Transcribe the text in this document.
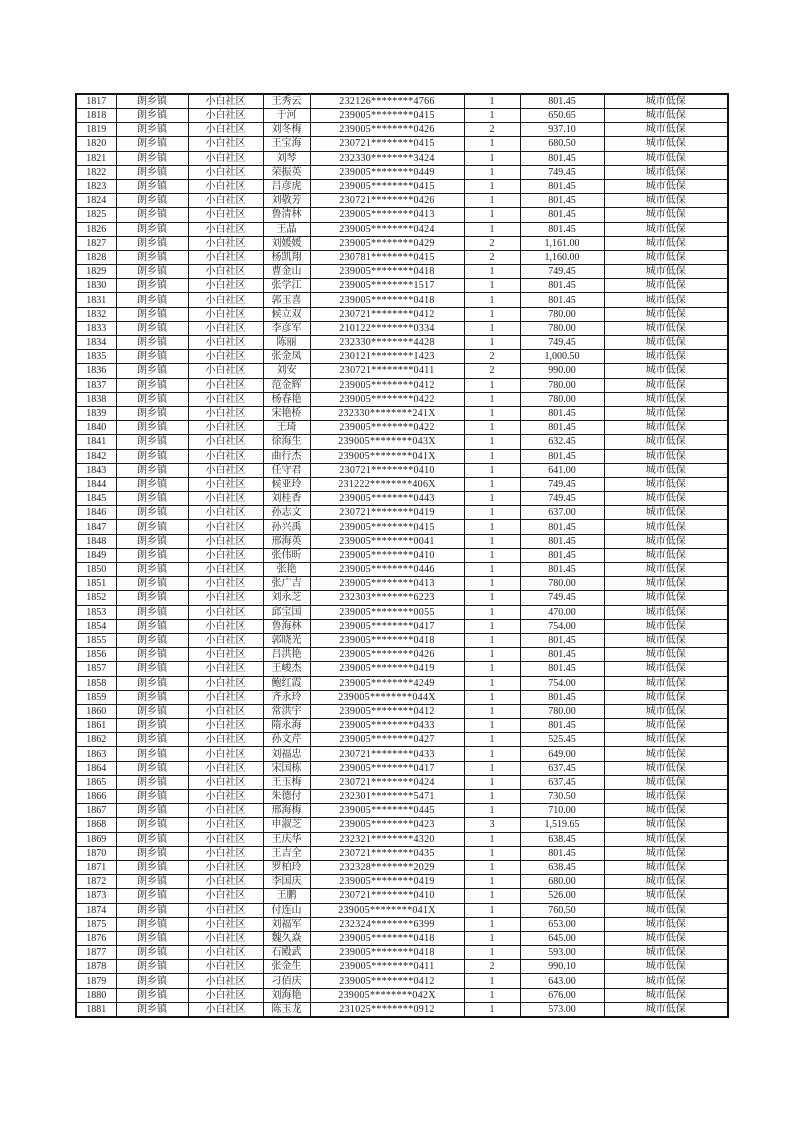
1817	朗乡镇	小白社区	王秀云	232126********4766	1	801.45	城市低保
1818	朗乡镇	小白社区	于河	239005********0415	1	650.65	城市低保
1819	朗乡镇	小白社区	刘冬梅	239005********0426	2	937.10	城市低保
1820	朗乡镇	小白社区	王宝海	230721********0415	1	680.50	城市低保
1821	朗乡镇	小白社区	刘琴	232330********3424	1	801.45	城市低保
1822	朗乡镇	小白社区	荣振英	239005********0449	1	749.45	城市低保
1823	朗乡镇	小白社区	吕彦虎	239005********0415	1	801.45	城市低保
1824	朗乡镇	小白社区	刘敬芳	230721********0426	1	801.45	城市低保
1825	朗乡镇	小白社区	鲁清林	239005********0413	1	801.45	城市低保
1826	朗乡镇	小白社区	王晶	239005********0424	1	801.45	城市低保
1827	朗乡镇	小白社区	刘媛媛	239005********0429	2	1,161.00	城市低保
1828	朗乡镇	小白社区	杨凯翔	230781********0415	2	1,160.00	城市低保
1829	朗乡镇	小白社区	曹金山	239005********0418	1	749.45	城市低保
1830	朗乡镇	小白社区	张学江	239005********1517	1	801.45	城市低保
1831	朗乡镇	小白社区	郭玉喜	239005********0418	1	801.45	城市低保
1832	朗乡镇	小白社区	候立双	230721********0412	1	780.00	城市低保
1833	朗乡镇	小白社区	李彦军	210122********0334	1	780.00	城市低保
1834	朗乡镇	小白社区	陈丽	232330********4428	1	749.45	城市低保
1835	朗乡镇	小白社区	张金凤	230121********1423	2	1,000.50	城市低保
1836	朗乡镇	小白社区	刘安	230721********0411	2	990.00	城市低保
1837	朗乡镇	小白社区	范金辉	239005********0412	1	780.00	城市低保
1838	朗乡镇	小白社区	杨春艳	239005********0422	1	780.00	城市低保
1839	朗乡镇	小白社区	宋艳桥	232330********241X	1	801.45	城市低保
1840	朗乡镇	小白社区	王琦	239005********0422	1	801.45	城市低保
1841	朗乡镇	小白社区	徐海生	239005********043X	1	632.45	城市低保
1842	朗乡镇	小白社区	曲行杰	239005********041X	1	801.45	城市低保
1843	朗乡镇	小白社区	任守君	230721********0410	1	641.00	城市低保
1844	朗乡镇	小白社区	候亚玲	231222********406X	1	749.45	城市低保
1845	朗乡镇	小白社区	刘桂香	239005********0443	1	749.45	城市低保
1846	朗乡镇	小白社区	孙志文	230721********0419	1	637.00	城市低保
1847	朗乡镇	小白社区	孙兴禹	239005********0415	1	801.45	城市低保
1848	朗乡镇	小白社区	邢海英	239005********0041	1	801.45	城市低保
1849	朗乡镇	小白社区	张伟昕	239005********0410	1	801.45	城市低保
1850	朗乡镇	小白社区	张艳	239005********0446	1	801.45	城市低保
1851	朗乡镇	小白社区	张广吉	239005********0413	1	780.00	城市低保
1852	朗乡镇	小白社区	刘永芝	232303********6223	1	749.45	城市低保
1853	朗乡镇	小白社区	邱宝国	239005********0055	1	470.00	城市低保
1854	朗乡镇	小白社区	鲁海林	239005********0417	1	754.00	城市低保
1855	朗乡镇	小白社区	郭晓光	239005********0418	1	801.45	城市低保
1856	朗乡镇	小白社区	吕洪艳	239005********0426	1	801.45	城市低保
1857	朗乡镇	小白社区	王峻杰	239005********0419	1	801.45	城市低保
1858	朗乡镇	小白社区	鲍红霞	239005********4249	1	754.00	城市低保
1859	朗乡镇	小白社区	齐永玲	239005********044X	1	801.45	城市低保
1860	朗乡镇	小白社区	常洪宇	239005********0412	1	780.00	城市低保
1861	朗乡镇	小白社区	隋永海	239005********0433	1	801.45	城市低保
1862	朗乡镇	小白社区	孙文芹	239005********0427	1	525.45	城市低保
1863	朗乡镇	小白社区	刘福忠	230721********0433	1	649.00	城市低保
1864	朗乡镇	小白社区	宋国栋	239005********0417	1	637.45	城市低保
1865	朗乡镇	小白社区	王玉梅	230721********0424	1	637.45	城市低保
1866	朗乡镇	小白社区	朱德付	232301********5471	1	730.50	城市低保
1867	朗乡镇	小白社区	邢海梅	239005********0445	1	710.00	城市低保
1868	朗乡镇	小白社区	申淑芝	239005********0423	3	1,519.65	城市低保
1869	朗乡镇	小白社区	王庆华	232321********4320	1	638.45	城市低保
1870	朗乡镇	小白社区	王吉全	230721********0435	1	801.45	城市低保
1871	朗乡镇	小白社区	罗柏玲	232328********2029	1	638.45	城市低保
1872	朗乡镇	小白社区	李国庆	239005********0419	1	680.00	城市低保
1873	朗乡镇	小白社区	王鹏	230721********0410	1	526.00	城市低保
1874	朗乡镇	小白社区	付连山	239005********041X	1	760.50	城市低保
1875	朗乡镇	小白社区	刘福军	232324********6399	1	653.00	城市低保
1876	朗乡镇	小白社区	魏久焱	239005********0418	1	645.00	城市低保
1877	朗乡镇	小白社区	石殿武	239005********0418	1	593.00	城市低保
1878	朗乡镇	小白社区	张金生	239005********0411	2	990.10	城市低保
1879	朗乡镇	小白社区	刁佰庆	239005********0412	1	643.00	城市低保
1880	朗乡镇	小白社区	刘海艳	239005********042X	1	676.00	城市低保
1881	朗乡镇	小白社区	陈玉龙	231025********0912	1	573.00	城市低保
